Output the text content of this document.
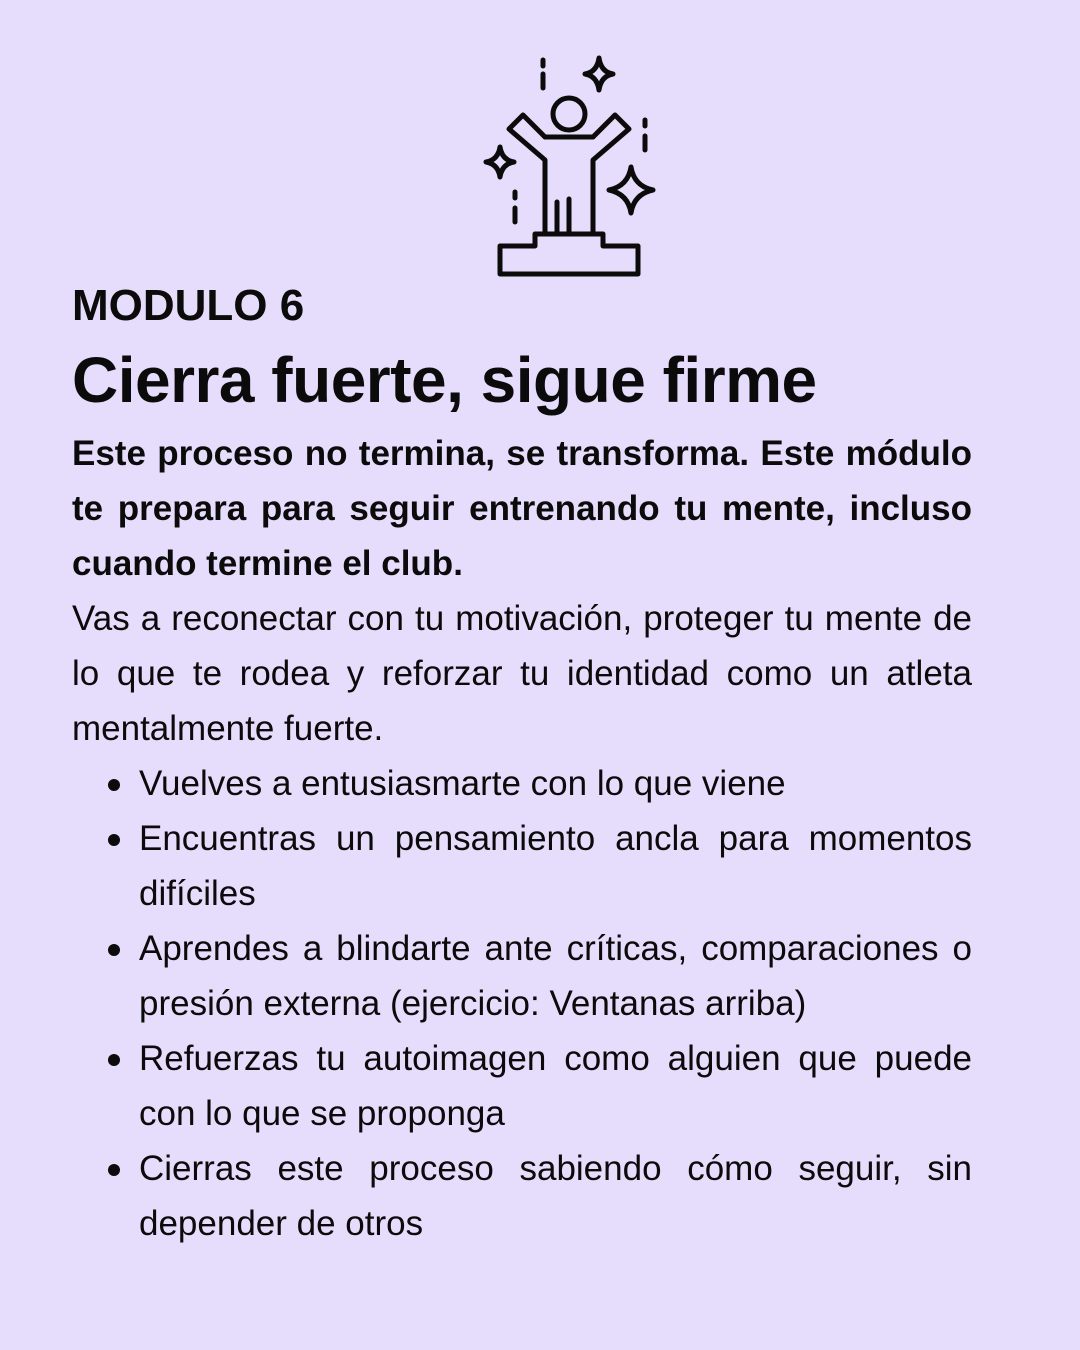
MODULO 6

Cierra fuerte, sigue firme

Este proceso no termina, se transforma. Este módulo te prepara para seguir entrenando tu mente, incluso cuando termine el club.

Vas a reconectar con tu motivación, proteger tu mente de lo que te rodea y reforzar tu identidad como un atleta mentalmente fuerte.

Vuelves a entusiasmarte con lo que viene
Encuentras un pensamiento ancla para momentos difíciles
Aprendes a blindarte ante críticas, comparaciones o presión externa (ejercicio: Ventanas arriba)
Refuerzas tu autoimagen como alguien que puede con lo que se proponga
Cierras este proceso sabiendo cómo seguir, sin depender de otros
